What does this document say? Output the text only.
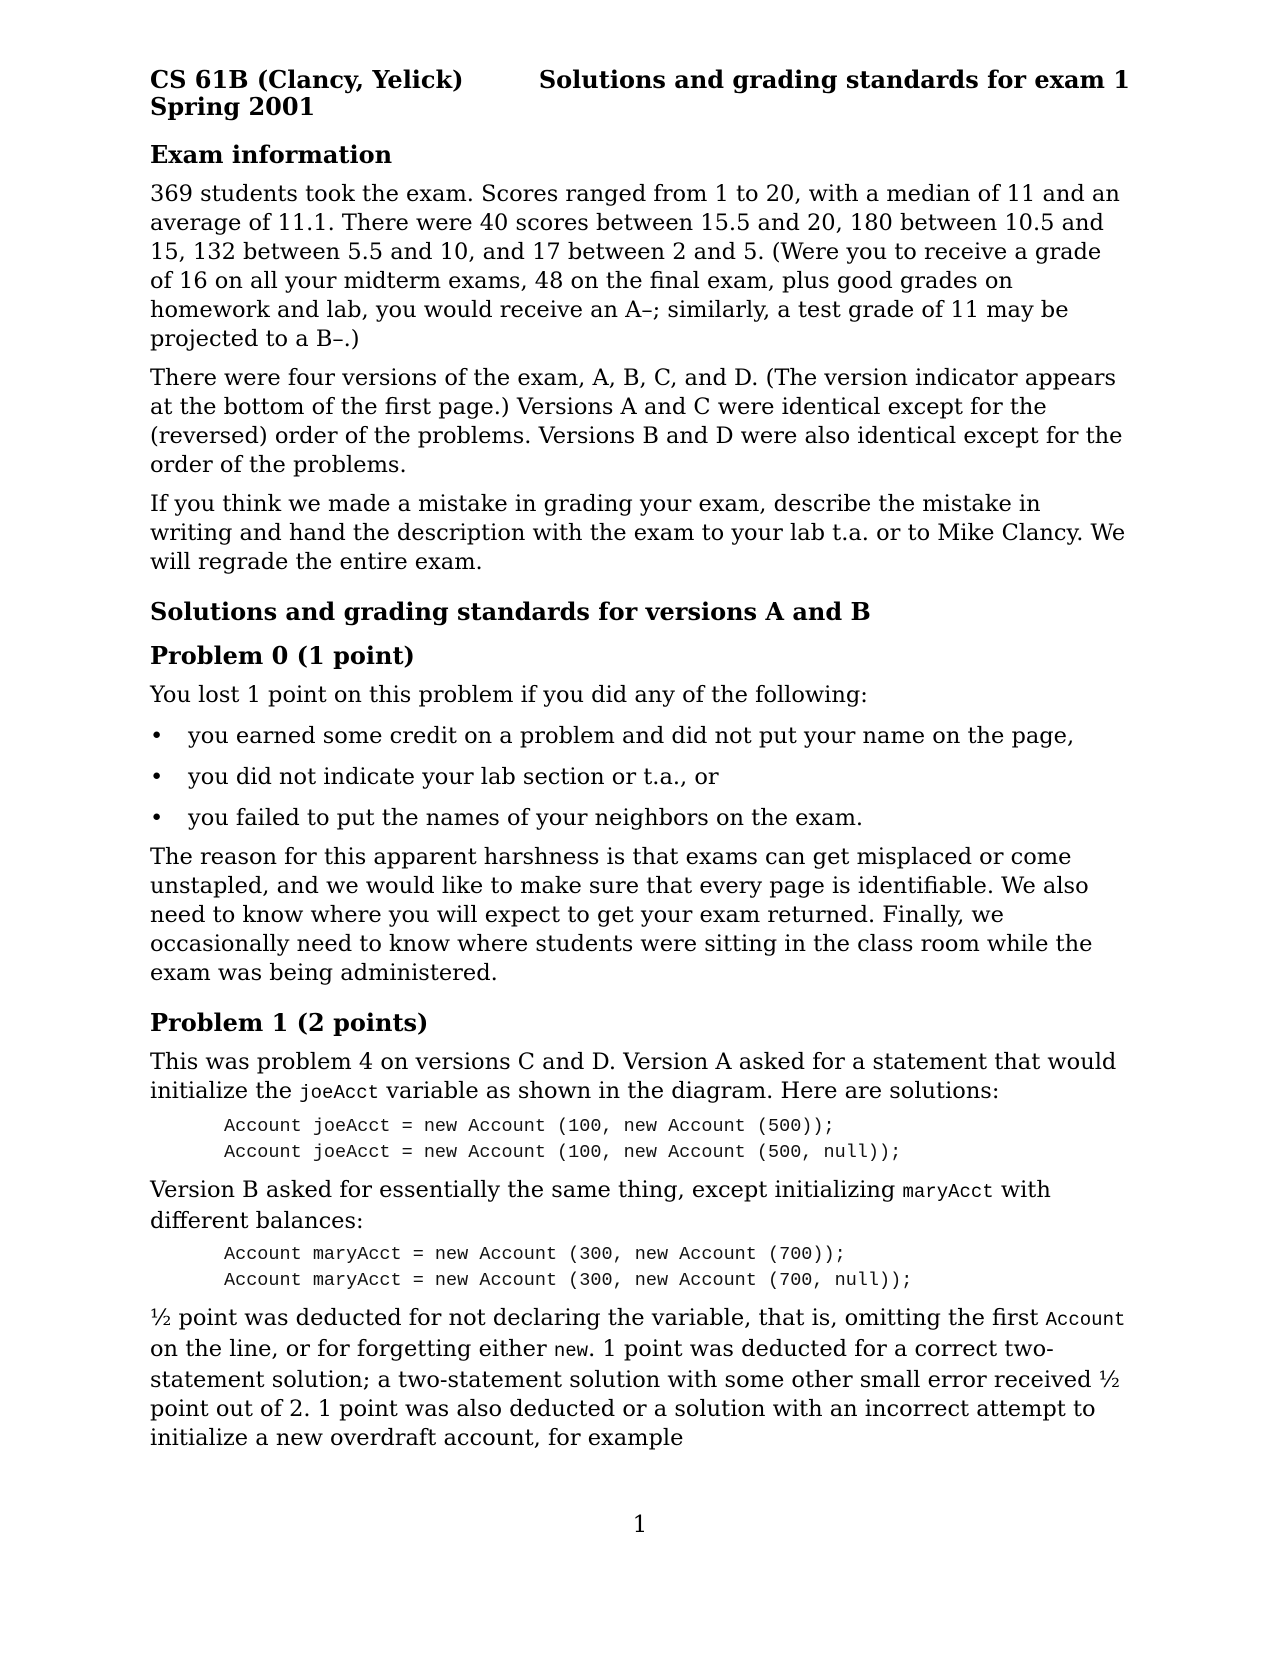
CS 61B (Clancy, Yelick)	Solutions and grading standards for exam 1
Spring 2001
Exam information

369 students took the exam. Scores ranged from 1 to 20, with a median of 11 and an average of 11.1. There were 40 scores between 15.5 and 20, 180 between 10.5 and 15, 132 between 5.5 and 10, and 17 between 2 and 5. (Were you to receive a grade of 16 on all your midterm exams, 48 on the final exam, plus good grades on homework and lab, you would receive an A–; similarly, a test grade of 11 may be projected to a B–.)

There were four versions of the exam, A, B, C, and D. (The version indicator appears at the bottom of the first page.) Versions A and C were identical except for the (reversed) order of the problems. Versions B and D were also identical except for the order of the problems.

If you think we made a mistake in grading your exam, describe the mistake in writing and hand the description with the exam to your lab t.a. or to Mike Clancy. We will regrade the entire exam.

Solutions and grading standards for versions A and B
Problem 0 (1 point)

You lost 1 point on this problem if you did any of the following:

• you earned some credit on a problem and did not put your name on the page,
• you did not indicate your lab section or t.a., or
• you failed to put the names of your neighbors on the exam.

The reason for this apparent harshness is that exams can get misplaced or come unstapled, and we would like to make sure that every page is identifiable. We also need to know where you will expect to get your exam returned. Finally, we occasionally need to know where students were sitting in the class room while the exam was being administered.

Problem 1 (2 points)

This was problem 4 on versions C and D. Version A asked for a statement that would initialize the joeAcct variable as shown in the diagram. Here are solutions:

Account joeAcct = new Account (100, new Account (500));
Account joeAcct = new Account (100, new Account (500, null));

Version B asked for essentially the same thing, except initializing maryAcct with different balances:

Account maryAcct = new Account (300, new Account (700));
Account maryAcct = new Account (300, new Account (700, null));

½ point was deducted for not declaring the variable, that is, omitting the first Account on the line, or for forgetting either new. 1 point was deducted for a correct two-statement solution; a two-statement solution with some other small error received ½ point out of 2. 1 point was also deducted or a solution with an incorrect attempt to initialize a new overdraft account, for example

1
